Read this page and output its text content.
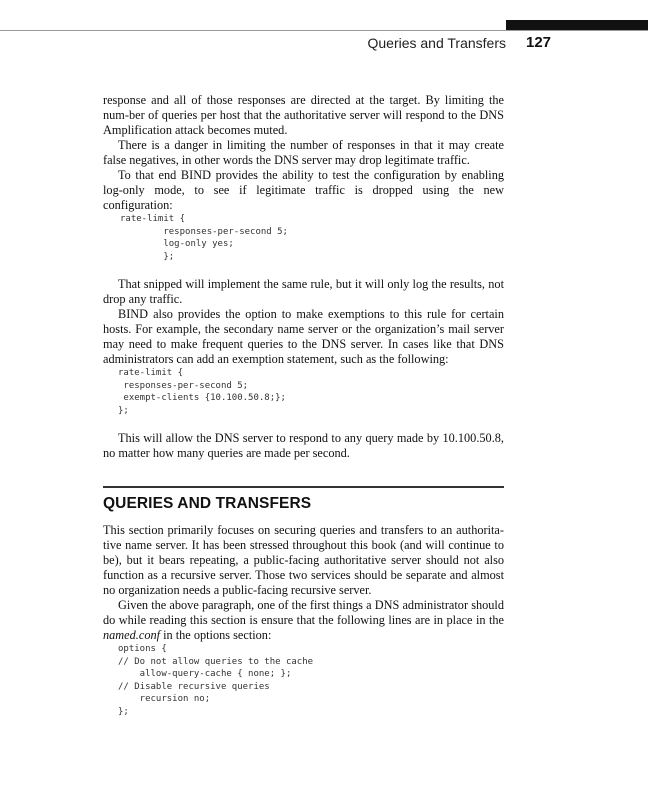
Queries and Transfers 127

response and all of those responses are directed at the target. By limiting the num-ber of queries per host that the authoritative server will respond to the DNS Amplification attack becomes muted.

There is a danger in limiting the number of responses in that it may create false negatives, in other words the DNS server may drop legitimate traffic.

To that end BIND provides the ability to test the configuration by enabling log-only mode, to see if legitimate traffic is dropped using the new configuration:

rate-limit {
responses-per-second 5;
log-only yes;
};

That snipped will implement the same rule, but it will only log the results, not drop any traffic.

BIND also provides the option to make exemptions to this rule for certain hosts. For example, the secondary name server or the organization’s mail server may need to make frequent queries to the DNS server. In cases like that DNS administrators can add an exemption statement, such as the following:

rate-limit {
responses-per-second 5;
exempt-clients {10.100.50.8;};
};

This will allow the DNS server to respond to any query made by 10.100.50.8, no matter how many queries are made per second.

QUERIES AND TRANSFERS

This section primarily focuses on securing queries and transfers to an authorita-tive name server. It has been stressed throughout this book (and will continue to be), but it bears repeating, a public-facing authoritative server should not also function as a recursive server. Those two services should be separate and almost no organization needs a public-facing recursive server.

Given the above paragraph, one of the first things a DNS administrator should do while reading this section is ensure that the following lines are in place in the named.conf in the options section:

options {
// Do not allow queries to the cache
allow-query-cache { none; };
// Disable recursive queries
recursion no;
};
